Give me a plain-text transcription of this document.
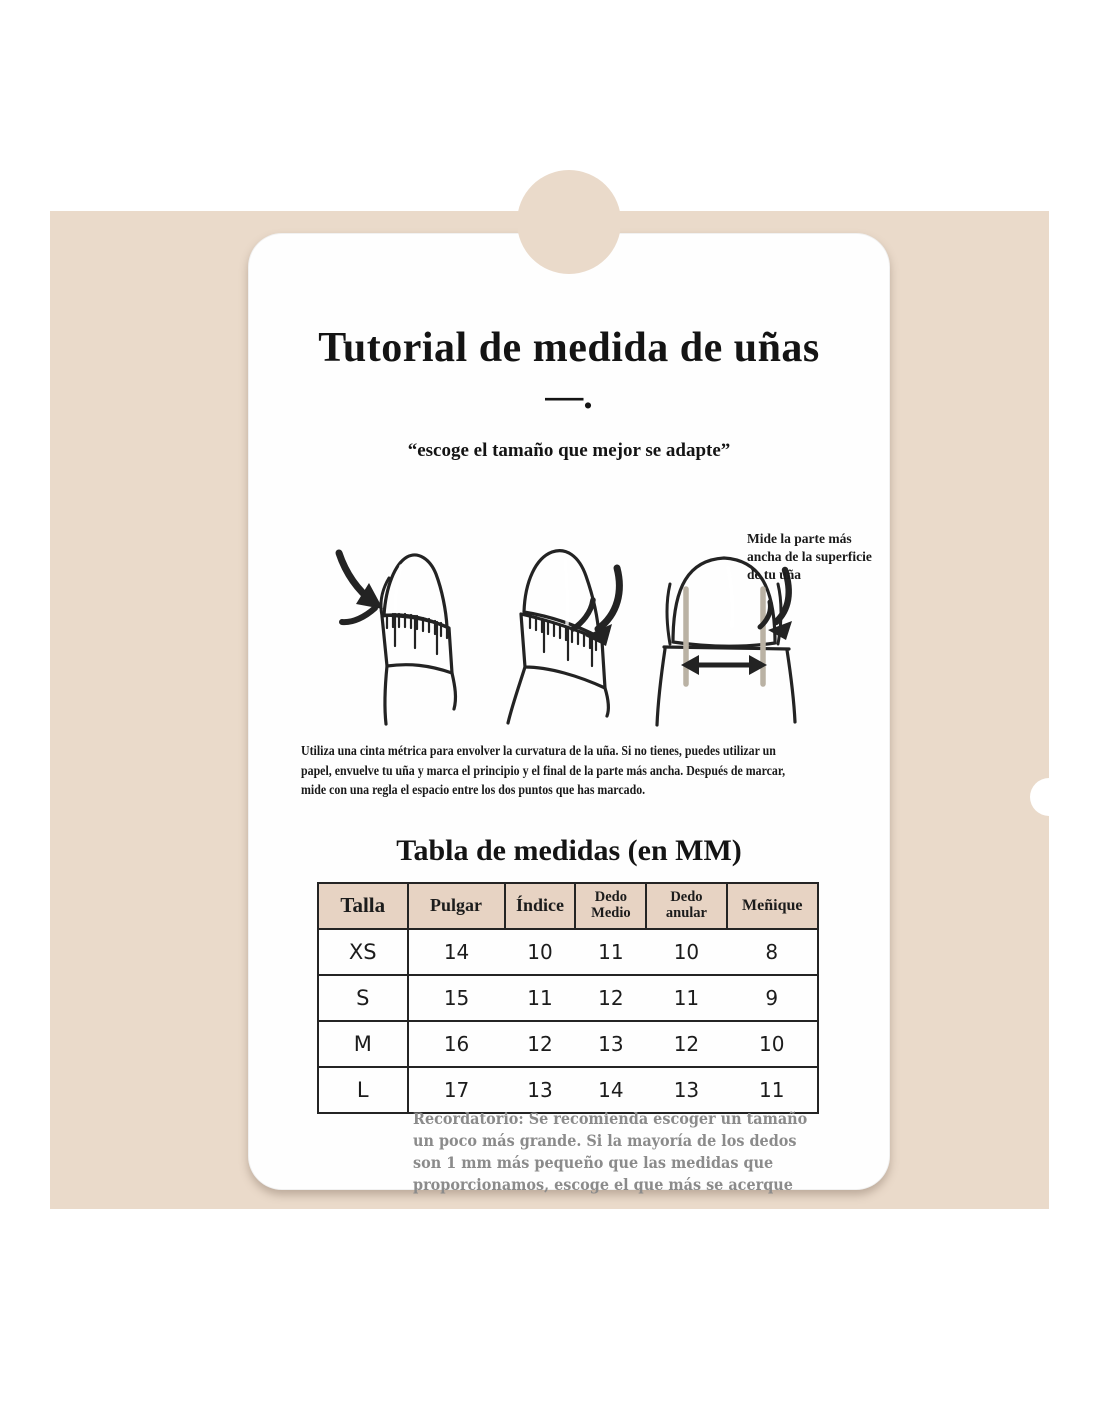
Tutorial de medida de uñas
—.
“escoge el tamaño que mejor se adapte”
Mide la parte más
ancha de la superficie
de tu uña

Utiliza una cinta métrica para envolver la curvatura de la uña. Si no tienes, puedes utilizar un
papel, envuelve tu uña y marca el principio y el final de la parte más ancha. Después de marcar,
mide con una regla el espacio entre los dos puntos que has marcado.

Tabla de medidas (en MM)
Talla	Pulgar	Índice	Dedo Medio	Dedo anular	Meñique
XS	14	10	11	10	8
S	15	11	12	11	9
M	16	12	13	12	10
L	17	13	14	13	11

Recordatorio: Se recomienda escoger un tamaño
un poco más grande. Si la mayoría de los dedos
son 1 mm más pequeño que las medidas que
proporcionamos, escoge el que más se acerque
